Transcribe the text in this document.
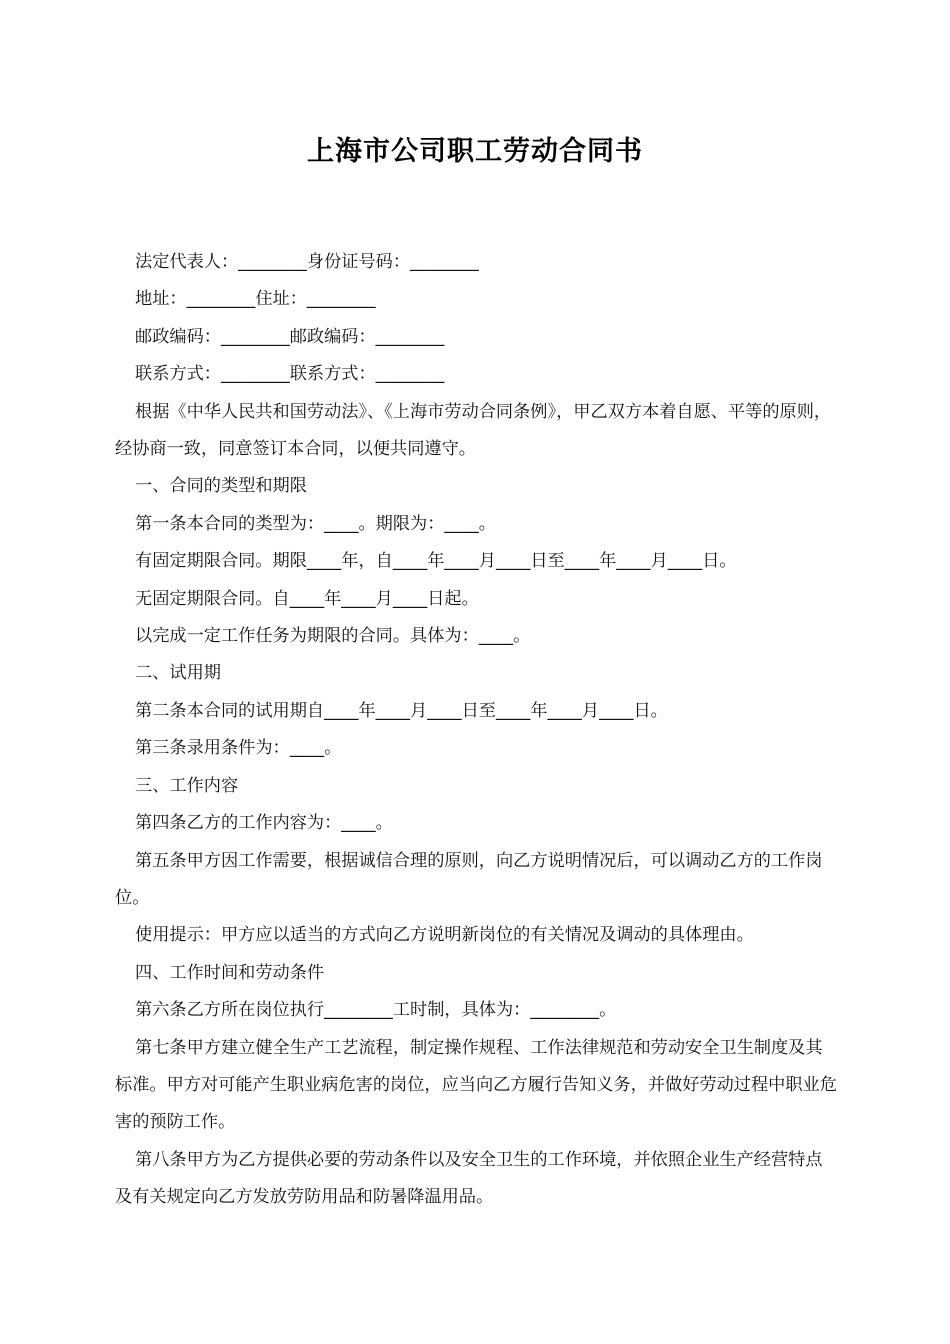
上海市公司职工劳动合同书

法定代表人：________身份证号码：________

地址：________住址：________

邮政编码：________邮政编码：________

联系方式：________联系方式：________

根据《中华人民共和国劳动法》、《上海市劳动合同条例》，甲乙双方本着自愿、平等的原则，经协商一致，同意签订本合同，以便共同遵守。

一、合同的类型和期限

第一条本合同的类型为：____。期限为：____。

有固定期限合同。期限____年，自____年____月____日至____年____月____日。

无固定期限合同。自____年____月____日起。

以完成一定工作任务为期限的合同。具体为：____。

二、试用期

第二条本合同的试用期自____年____月____日至____年____月____日。

第三条录用条件为：____。

三、工作内容

第四条乙方的工作内容为：____。

第五条甲方因工作需要，根据诚信合理的原则，向乙方说明情况后，可以调动乙方的工作岗位。

使用提示：甲方应以适当的方式向乙方说明新岗位的有关情况及调动的具体理由。

四、工作时间和劳动条件

第六条乙方所在岗位执行________工时制，具体为：________。

第七条甲方建立健全生产工艺流程，制定操作规程、工作法律规范和劳动安全卫生制度及其标准。甲方对可能产生职业病危害的岗位，应当向乙方履行告知义务，并做好劳动过程中职业危害的预防工作。

第八条甲方为乙方提供必要的劳动条件以及安全卫生的工作环境，并依照企业生产经营特点及有关规定向乙方发放劳防用品和防暑降温用品。
